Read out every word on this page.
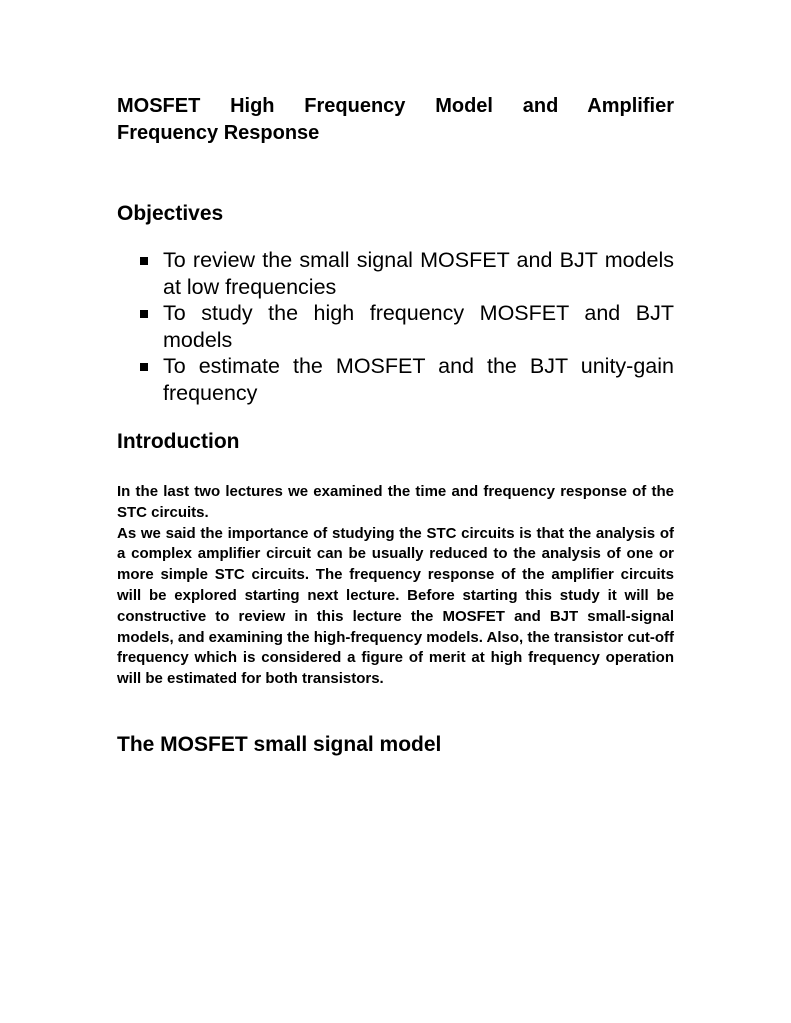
MOSFET High Frequency Model and Amplifier
Frequency Response
Objectives
To review the small signal MOSFET and BJT models at low frequencies
To study the high frequency MOSFET and BJT models
To estimate the MOSFET and the BJT unity-gain frequency
Introduction

In the last two lectures we examined the time and frequency response of the STC circuits.

As we said the importance of studying the STC circuits is that the analysis of a complex amplifier circuit can be usually reduced to the analysis of one or more simple STC circuits. The frequency response of the amplifier circuits will be explored starting next lecture. Before starting this study it will be constructive to review in this lecture the MOSFET and BJT small-signal models, and examining the high-frequency models. Also, the transistor cut-off frequency which is considered a figure of merit at high frequency operation will be estimated for both transistors.

The MOSFET small signal model
